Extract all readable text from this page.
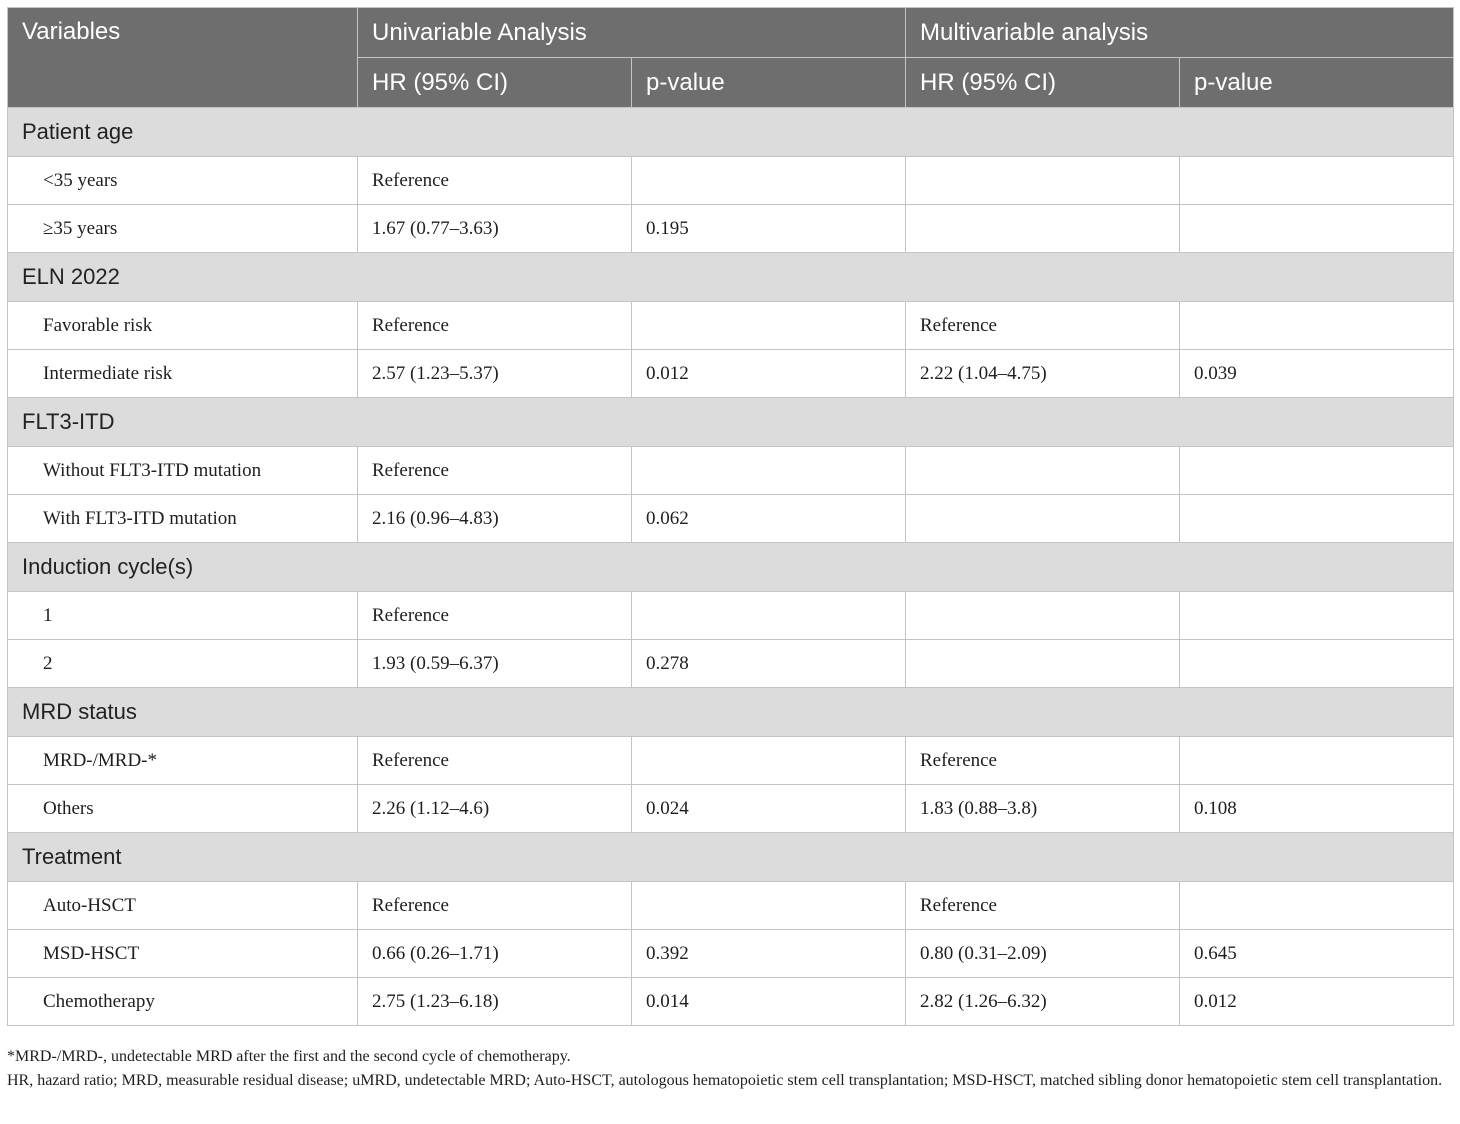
Variables	Univariable Analysis		Multivariable analysis	
	HR (95% CI)	p-value	HR (95% CI)	p-value
Patient age				
<35 years	Reference			
≥35 years	1.67 (0.77–3.63)	0.195		
ELN 2022				
Favorable risk	Reference		Reference	
Intermediate risk	2.57 (1.23–5.37)	0.012	2.22 (1.04–4.75)	0.039
FLT3-ITD				
Without FLT3-ITD mutation	Reference			
With FLT3-ITD mutation	2.16 (0.96–4.83)	0.062		
Induction cycle(s)				
1	Reference			
2	1.93 (0.59–6.37)	0.278		
MRD status				
MRD-/MRD-*	Reference		Reference	
Others	2.26 (1.12–4.6)	0.024	1.83 (0.88–3.8)	0.108
Treatment				
Auto-HSCT	Reference		Reference	
MSD-HSCT	0.66 (0.26–1.71)	0.392	0.80 (0.31–2.09)	0.645
Chemotherapy	2.75 (1.23–6.18)	0.014	2.82 (1.26–6.32)	0.012

*MRD-/MRD-, undetectable MRD after the first and the second cycle of chemotherapy.

HR, hazard ratio; MRD, measurable residual disease; uMRD, undetectable MRD; Auto-HSCT, autologous hematopoietic stem cell transplantation; MSD-HSCT, matched sibling donor hematopoietic stem cell transplantation.
